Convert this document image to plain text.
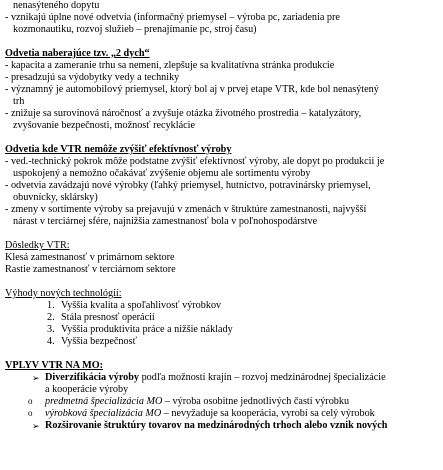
nenasýteného dopytu
- vznikajú úplne nové odvetvia (informačný priemysel – výroba pc, zariadenia pre
kozmonautiku, rozvoj služieb – prenajímanie pc, stroj času)
Odvetia naberajúce tzv. „2 dych“
- kapacita a zameranie trhu sa nemení, zlepšuje sa kvalitatívna stránka produkcie
- presadzujú sa výdobytky vedy a techniky
- významný je automobilový priemysel, ktorý bol aj v prvej etape VTR, kde bol nenasýtený
trh
- znižuje sa surovinová náročnosť a zvyšuje otázka životného prostredia – katalyzátory,
zvyšovanie bezpečnosti, možnosť recyklácie
Odvetia kde VTR nemôže zvýšiť efektívnosť výroby
- ved.-technický pokrok môže podstatne zvýšiť efektívnosť výroby, ale dopyt po produkcii je
uspokojený a nemožno očakávať zvýšenie objemu ale sortimentu výroby
- odvetvia zavádzajú nové výrobky (ľahký priemysel, hutníctvo, potravinársky priemysel,
obuvnícky, sklársky)
- zmeny v sortimente výroby sa prejavujú v zmenách v štruktúre zamestnanosti, najvyšší
nárast v terciárnej sfére, najnižšia zamestnanosť bola v poľnohospodárstve
Dôsledky VTR:
Klesá zamestnanosť v primárnom sektore
Rastie zamestnanosť v terciárnom sektore
Výhody nových technológií:
1. Vyššia kvalita a spoľahlivosť výrobkov
2. Stála presnosť operácií
3. Vyššia produktivita práce a nižšie náklady
4. Vyššia bezpečnosť
VPLYV VTR NA MO:
➢ Diverzifikácia výroby podľa možností krajín – rozvoj medzinárodnej špecializácie
a kooperácie výroby
o predmetná špecializácia MO – výroba osobitne jednotlivých častí výrobku
o výrobková špecializácia MO – nevyžaduje sa kooperácia, vyrobí sa celý výrobok
➢ Rozširovanie štruktúry tovarov na medzinárodných trhoch alebo vznik nových
